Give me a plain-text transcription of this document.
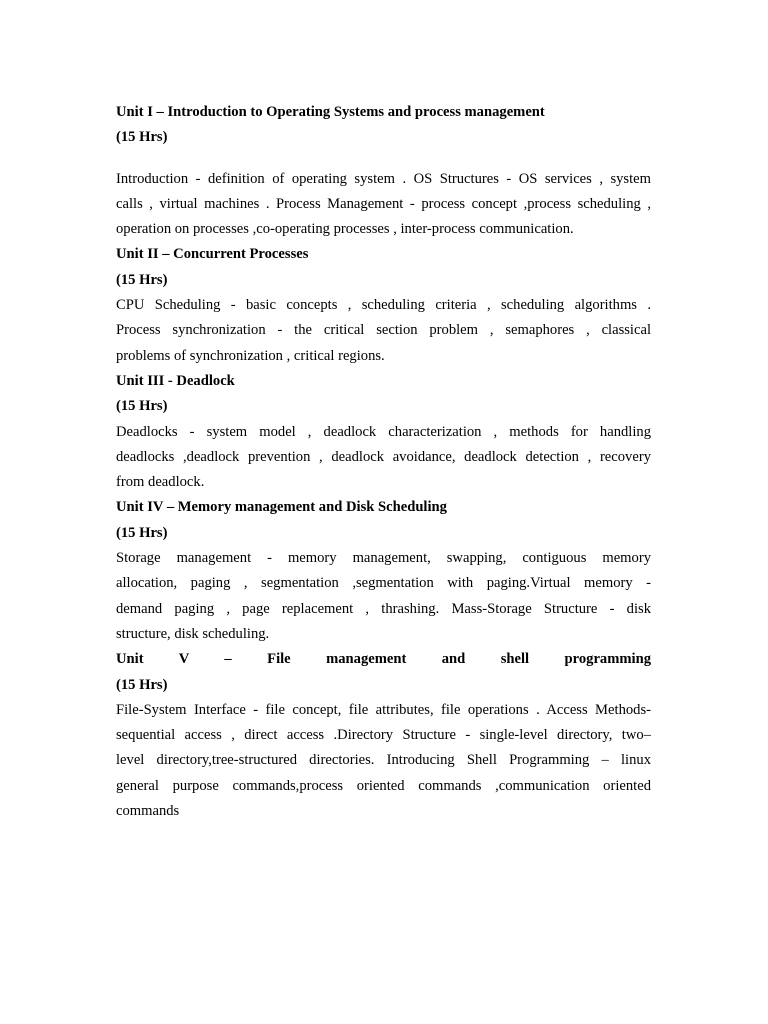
Unit I – Introduction to Operating Systems and process management
(15 Hrs)
Introduction - definition of operating system . OS Structures - OS services , system
calls , virtual machines . Process Management - process concept ,process scheduling ,
operation on processes ,co-operating processes , inter-process communication.
Unit II – Concurrent Processes
(15 Hrs)
CPU Scheduling - basic concepts , scheduling criteria , scheduling algorithms .
Process synchronization - the critical section problem , semaphores , classical
problems of synchronization , critical regions.
Unit III - Deadlock
(15 Hrs)
Deadlocks - system model , deadlock characterization , methods for handling
deadlocks ,deadlock prevention , deadlock avoidance, deadlock detection , recovery
from deadlock.
Unit IV – Memory management and Disk Scheduling
(15 Hrs)
Storage management - memory management, swapping, contiguous memory
allocation, paging , segmentation ,segmentation with paging.Virtual memory -
demand paging , page replacement , thrashing. Mass-Storage Structure - disk
structure, disk scheduling.
Unit V – File management and shell programming
(15 Hrs)
File-System Interface - file concept, file attributes, file operations . Access Methods-
sequential access , direct access .Directory Structure - single-level directory, two–
level directory,tree-structured directories. Introducing Shell Programming – linux
general purpose commands,process oriented commands ,communication oriented
commands
